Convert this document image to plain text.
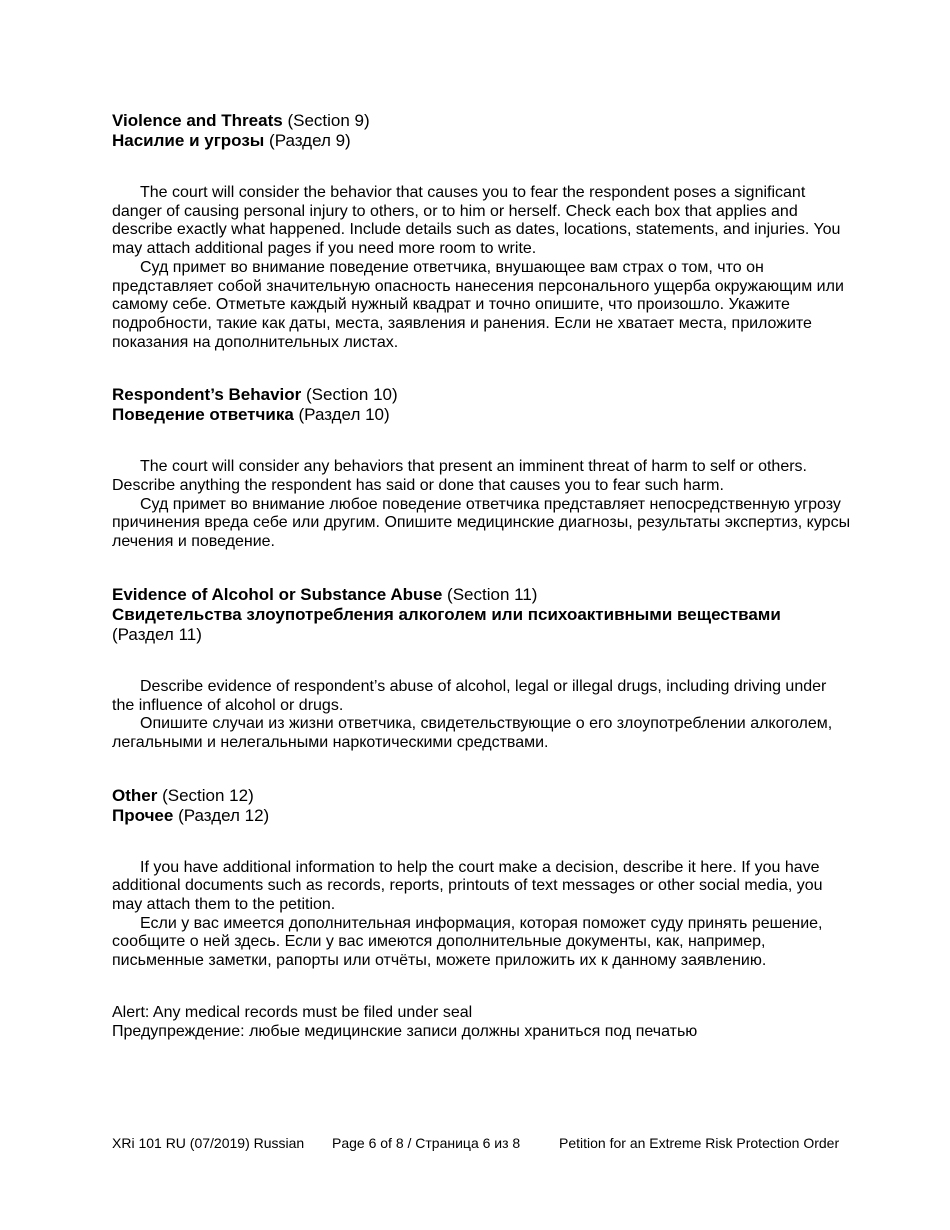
Violence and Threats (Section 9)
Насилие и угрозы (Раздел 9)
The court will consider the behavior that causes you to fear the respondent poses a significant danger of causing personal injury to others, or to him or herself. Check each box that applies and describe exactly what happened. Include details such as dates, locations, statements, and injuries. You may attach additional pages if you need more room to write.
Суд примет во внимание поведение ответчика, внушающее вам страх о том, что он представляет собой значительную опасность нанесения персонального ущерба окружающим или самому себе. Отметьте каждый нужный квадрат и точно опишите, что произошло. Укажите подробности, такие как даты, места, заявления и ранения. Если не хватает места, приложите показания на дополнительных листах.
Respondent’s Behavior (Section 10)
Поведение ответчика (Раздел 10)
The court will consider any behaviors that present an imminent threat of harm to self or others. Describe anything the respondent has said or done that causes you to fear such harm.
Суд примет во внимание любое поведение ответчика представляет непосредственную угрозу причинения вреда себе или другим. Опишите медицинские диагнозы, результаты экспертиз, курсы лечения и поведение.
Evidence of Alcohol or Substance Abuse (Section 11)
Свидетельства злоупотребления алкоголем или психоактивными веществами
(Раздел 11)
Describe evidence of respondent’s abuse of alcohol, legal or illegal drugs, including driving under the influence of alcohol or drugs.
Опишите случаи из жизни ответчика, свидетельствующие о его злоупотреблении алкоголем, легальными и нелегальными наркотическими средствами.
Other (Section 12)
Прочее (Раздел 12)
If you have additional information to help the court make a decision, describe it here. If you have additional documents such as records, reports, printouts of text messages or other social media, you may attach them to the petition.
Если у вас имеется дополнительная информация, которая поможет суду принять решение, сообщите о ней здесь. Если у вас имеются дополнительные документы, как, например, письменные заметки, рапорты или отчёты, можете приложить их к данному заявлению.
Alert: Any medical records must be filed under seal
Предупреждение: любые медицинские записи должны храниться под печатью
XRi 101 RU (07/2019) Russian Page 6 of 8 / Страница 6 из 8	Petition for an Extreme Risk Protection Order
